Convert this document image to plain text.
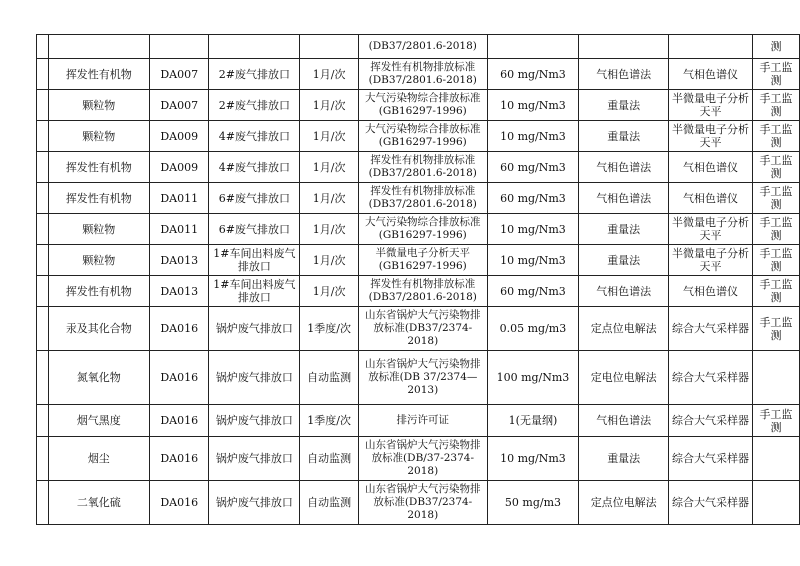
					(DB37/2801.6-2018)				测
	挥发性有机物	DA007	2#废气排放口	1月/次	挥发性有机物排放标准(DB37/2801.6-2018)	60 mg/Nm3	气相色谱法	气相色谱仪	手工监测
	颗粒物	DA007	2#废气排放口	1月/次	大气污染物综合排放标准(GB16297-1996)	10 mg/Nm3	重量法	半微量电子分析天平	手工监测
	颗粒物	DA009	4#废气排放口	1月/次	大气污染物综合排放标准(GB16297-1996)	10 mg/Nm3	重量法	半微量电子分析天平	手工监测
	挥发性有机物	DA009	4#废气排放口	1月/次	挥发性有机物排放标准(DB37/2801.6-2018)	60 mg/Nm3	气相色谱法	气相色谱仪	手工监测
	挥发性有机物	DA011	6#废气排放口	1月/次	挥发性有机物排放标准(DB37/2801.6-2018)	60 mg/Nm3	气相色谱法	气相色谱仪	手工监测
	颗粒物	DA011	6#废气排放口	1月/次	大气污染物综合排放标准(GB16297-1996)	10 mg/Nm3	重量法	半微量电子分析天平	手工监测
	颗粒物	DA013	1#车间出料废气排放口	1月/次	半微量电子分析天平(GB16297-1996)	10 mg/Nm3	重量法	半微量电子分析天平	手工监测
	挥发性有机物	DA013	1#车间出料废气排放口	1月/次	挥发性有机物排放标准(DB37/2801.6-2018)	60 mg/Nm3	气相色谱法	气相色谱仪	手工监测
	汞及其化合物	DA016	锅炉废气排放口	1季度/次	山东省锅炉大气污染物排放标准(DB37/2374-2018)	0.05 mg/m3	定点位电解法	综合大气采样器	手工监测
	氮氧化物	DA016	锅炉废气排放口	自动监测	山东省锅炉大气污染物排放标准(DB 37/2374—2013)	100 mg/Nm3	定电位电解法	综合大气采样器	
	烟气黑度	DA016	锅炉废气排放口	1季度/次	排污许可证	1(无量纲)	气相色谱法	综合大气采样器	手工监测
	烟尘	DA016	锅炉废气排放口	自动监测	山东省锅炉大气污染物排放标准(DB/37-2374-2018)	10 mg/Nm3	重量法	综合大气采样器	
	二氧化硫	DA016	锅炉废气排放口	自动监测	山东省锅炉大气污染物排放标准(DB37/2374-2018)	50 mg/m3	定点位电解法	综合大气采样器	
